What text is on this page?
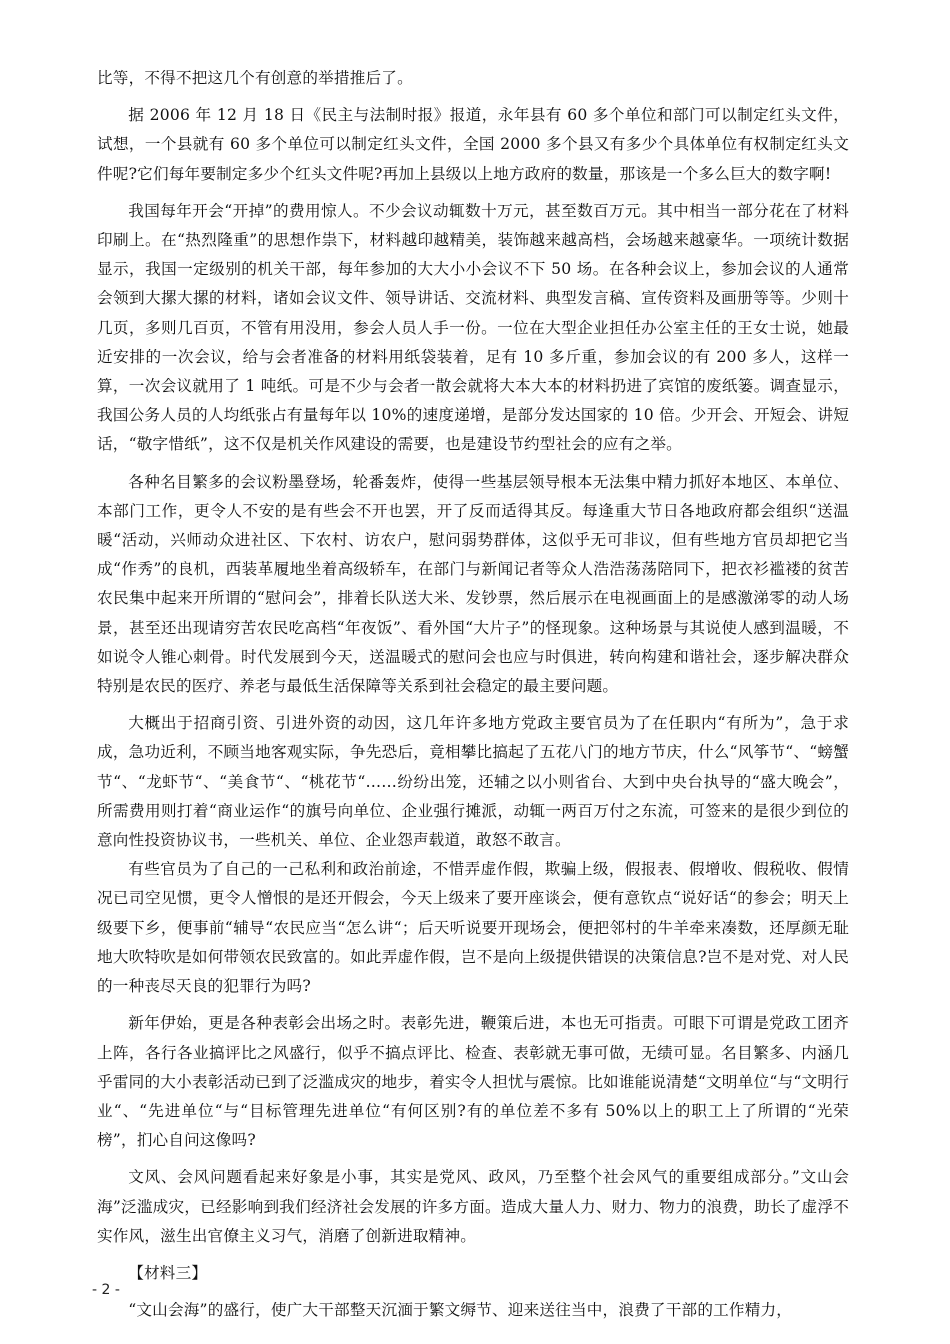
比等，不得不把这几个有创意的举措推后了。

据 2006 年 12 月 18 日《民主与法制时报》报道，永年县有 60 多个单位和部门可以制定红头文件，试想，一个县就有 60 多个单位可以制定红头文件，全国 2000 多个县又有多少个具体单位有权制定红头文件呢?它们每年要制定多少个红头文件呢?再加上县级以上地方政府的数量，那该是一个多么巨大的数字啊!

我国每年开会“开掉”的费用惊人。不少会议动辄数十万元，甚至数百万元。其中相当一部分花在了材料印刷上。在“热烈隆重”的思想作祟下，材料越印越精美，装饰越来越高档，会场越来越豪华。一项统计数据显示，我国一定级别的机关干部，每年参加的大大小小会议不下 50 场。在各种会议上，参加会议的人通常会领到大摞大摞的材料，诸如会议文件、领导讲话、交流材料、典型发言稿、宣传资料及画册等等。少则十几页，多则几百页，不管有用没用，参会人员人手一份。一位在大型企业担任办公室主任的王女士说，她最近安排的一次会议，给与会者准备的材料用纸袋装着，足有 10 多斤重，参加会议的有 200 多人，这样一算，一次会议就用了 1 吨纸。可是不少与会者一散会就将大本大本的材料扔进了宾馆的废纸篓。调查显示，我国公务人员的人均纸张占有量每年以 10%的速度递增，是部分发达国家的 10 倍。少开会、开短会、讲短话，“敬字惜纸”，这不仅是机关作风建设的需要，也是建设节约型社会的应有之举。

各种名目繁多的会议粉墨登场，轮番轰炸，使得一些基层领导根本无法集中精力抓好本地区、本单位、本部门工作，更令人不安的是有些会不开也罢，开了反而适得其反。每逢重大节日各地政府都会组织“送温暖“活动，兴师动众进社区、下农村、访农户，慰问弱势群体，这似乎无可非议，但有些地方官员却把它当成“作秀”的良机，西装革履地坐着高级轿车，在部门与新闻记者等众人浩浩荡荡陪同下，把衣衫褴褛的贫苦农民集中起来开所谓的“慰问会”，排着长队送大米、发钞票，然后展示在电视画面上的是感激涕零的动人场景，甚至还出现请穷苦农民吃高档“年夜饭”、看外国“大片子”的怪现象。这种场景与其说使人感到温暖，不如说令人锥心刺骨。时代发展到今天，送温暖式的慰问会也应与时俱进，转向构建和谐社会，逐步解决群众特别是农民的医疗、养老与最低生活保障等关系到社会稳定的最主要问题。

大概出于招商引资、引进外资的动因，这几年许多地方党政主要官员为了在任职内“有所为”，急于求成，急功近利，不顾当地客观实际，争先恐后，竟相攀比搞起了五花八门的地方节庆，什么“风筝节“、“螃蟹节“、“龙虾节“、“美食节“、“桃花节“……纷纷出笼，还辅之以小则省台、大到中央台执导的“盛大晚会”，所需费用则打着“商业运作“的旗号向单位、企业强行摊派，动辄一两百万付之东流，可签来的是很少到位的意向性投资协议书，一些机关、单位、企业怨声载道，敢怒不敢言。

有些官员为了自己的一己私利和政治前途，不惜弄虚作假，欺骗上级，假报表、假增收、假税收、假情况已司空见惯，更令人憎恨的是还开假会，今天上级来了要开座谈会，便有意钦点“说好话“的参会；明天上级要下乡，便事前“辅导“农民应当“怎么讲“；后天听说要开现场会，便把邻村的牛羊牵来凑数，还厚颜无耻地大吹特吹是如何带领农民致富的。如此弄虚作假，岂不是向上级提供错误的决策信息?岂不是对党、对人民的一种丧尽天良的犯罪行为吗?

新年伊始，更是各种表彰会出场之时。表彰先进，鞭策后进，本也无可指责。可眼下可谓是党政工团齐上阵，各行各业搞评比之风盛行，似乎不搞点评比、检查、表彰就无事可做，无绩可显。名目繁多、内涵几乎雷同的大小表彰活动已到了泛滥成灾的地步，着实令人担忧与震惊。比如谁能说清楚“文明单位“与“文明行业“、“先进单位“与“目标管理先进单位“有何区别?有的单位差不多有 50%以上的职工上了所谓的“光荣榜”，扪心自问这像吗?

文风、会风问题看起来好象是小事，其实是党风、政风，乃至整个社会风气的重要组成部分。”文山会海”泛滥成灾，已经影响到我们经济社会发展的许多方面。造成大量人力、财力、物力的浪费，助长了虚浮不实作风，滋生出官僚主义习气，消磨了创新进取精神。

【材料三】

“文山会海”的盛行，使广大干部整天沉湎于繁文缛节、迎来送往当中，浪费了干部的工作精力，

- 2 -
